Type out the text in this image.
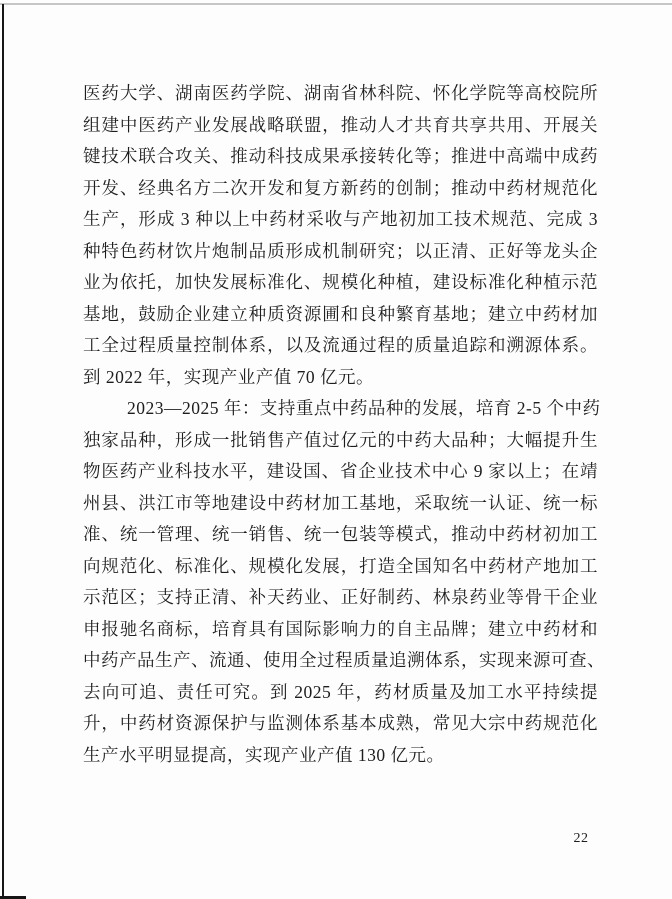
医药大学、湖南医药学院、湖南省林科院、怀化学院等高校院所
组建中医药产业发展战略联盟，推动人才共育共享共用、开展关
键技术联合攻关、推动科技成果承接转化等；推进中高端中成药
开发、经典名方二次开发和复方新药的创制；推动中药材规范化
生产，形成 3 种以上中药材采收与产地初加工技术规范、完成 3
种特色药材饮片炮制品质形成机制研究；以正清、正好等龙头企
业为依托，加快发展标准化、规模化种植，建设标准化种植示范
基地，鼓励企业建立种质资源圃和良种繁育基地；建立中药材加
工全过程质量控制体系，以及流通过程的质量追踪和溯源体系。
到 2022 年，实现产业产值 70 亿元。
2023—2025 年：支持重点中药品种的发展，培育 2-5 个中药
独家品种，形成一批销售产值过亿元的中药大品种；大幅提升生
物医药产业科技水平，建设国、省企业技术中心 9 家以上；在靖
州县、洪江市等地建设中药材加工基地，采取统一认证、统一标
准、统一管理、统一销售、统一包装等模式，推动中药材初加工
向规范化、标准化、规模化发展，打造全国知名中药材产地加工
示范区；支持正清、补天药业、正好制药、林泉药业等骨干企业
申报驰名商标，培育具有国际影响力的自主品牌；建立中药材和
中药产品生产、流通、使用全过程质量追溯体系，实现来源可查、
去向可追、责任可究。到 2025 年，药材质量及加工水平持续提
升，中药材资源保护与监测体系基本成熟，常见大宗中药规范化
生产水平明显提高，实现产业产值 130 亿元。
22
